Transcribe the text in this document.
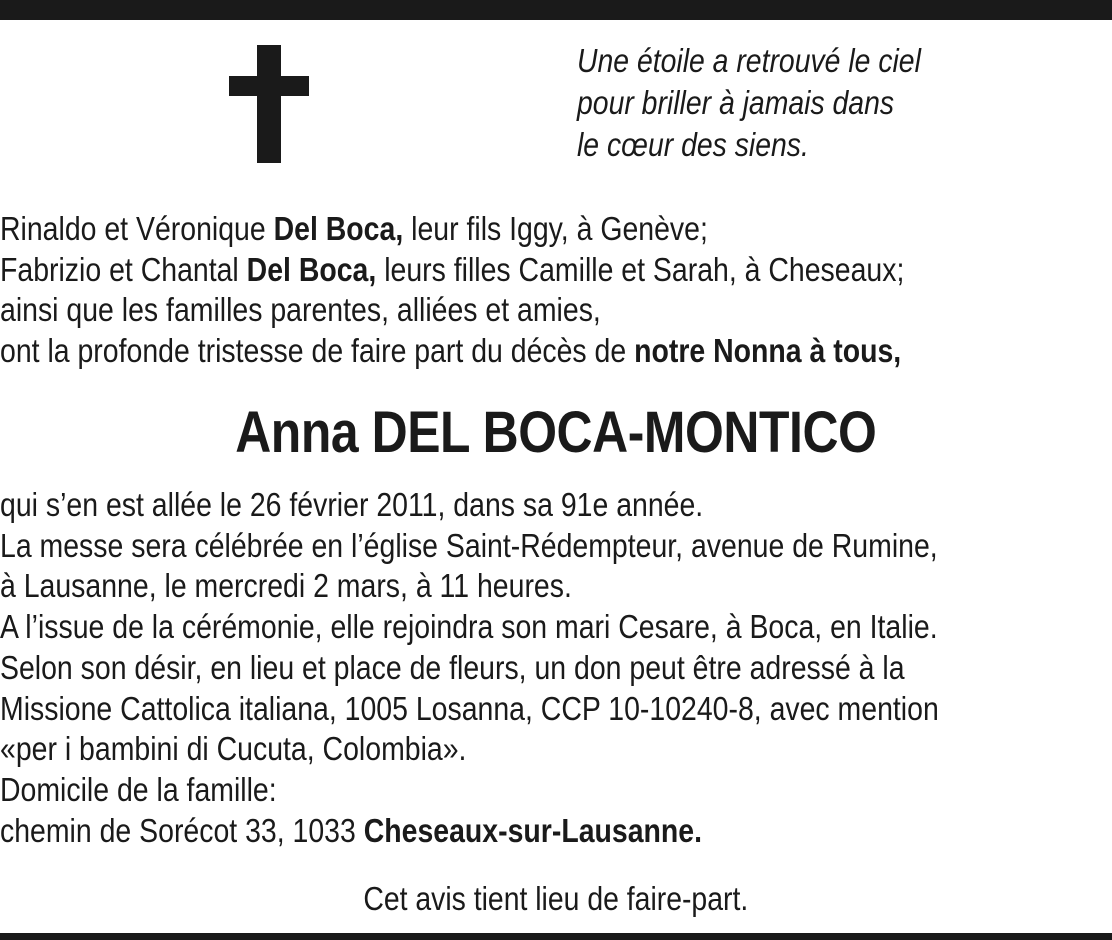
Une étoile a retrouvé le ciel
pour briller à jamais dans
le cœur des siens.
Rinaldo et Véronique Del Boca, leur fils Iggy, à Genève;
Fabrizio et Chantal Del Boca, leurs filles Camille et Sarah, à Cheseaux;
ainsi que les familles parentes, alliées et amies,
ont la profonde tristesse de faire part du décès de notre Nonna à tous,
Anna DEL BOCA-MONTICO
qui s’en est allée le 26 février 2011, dans sa 91e année.
La messe sera célébrée en l’église Saint-Rédempteur, avenue de Rumine,
à Lausanne, le mercredi 2 mars, à 11 heures.
A l’issue de la cérémonie, elle rejoindra son mari Cesare, à Boca, en Italie.
Selon son désir, en lieu et place de fleurs, un don peut être adressé à la
Missione Cattolica italiana, 1005 Losanna, CCP 10-10240-8, avec mention
«per i bambini di Cucuta, Colombia».
Domicile de la famille:
chemin de Sorécot 33, 1033 Cheseaux-sur-Lausanne.
Cet avis tient lieu de faire-part.
